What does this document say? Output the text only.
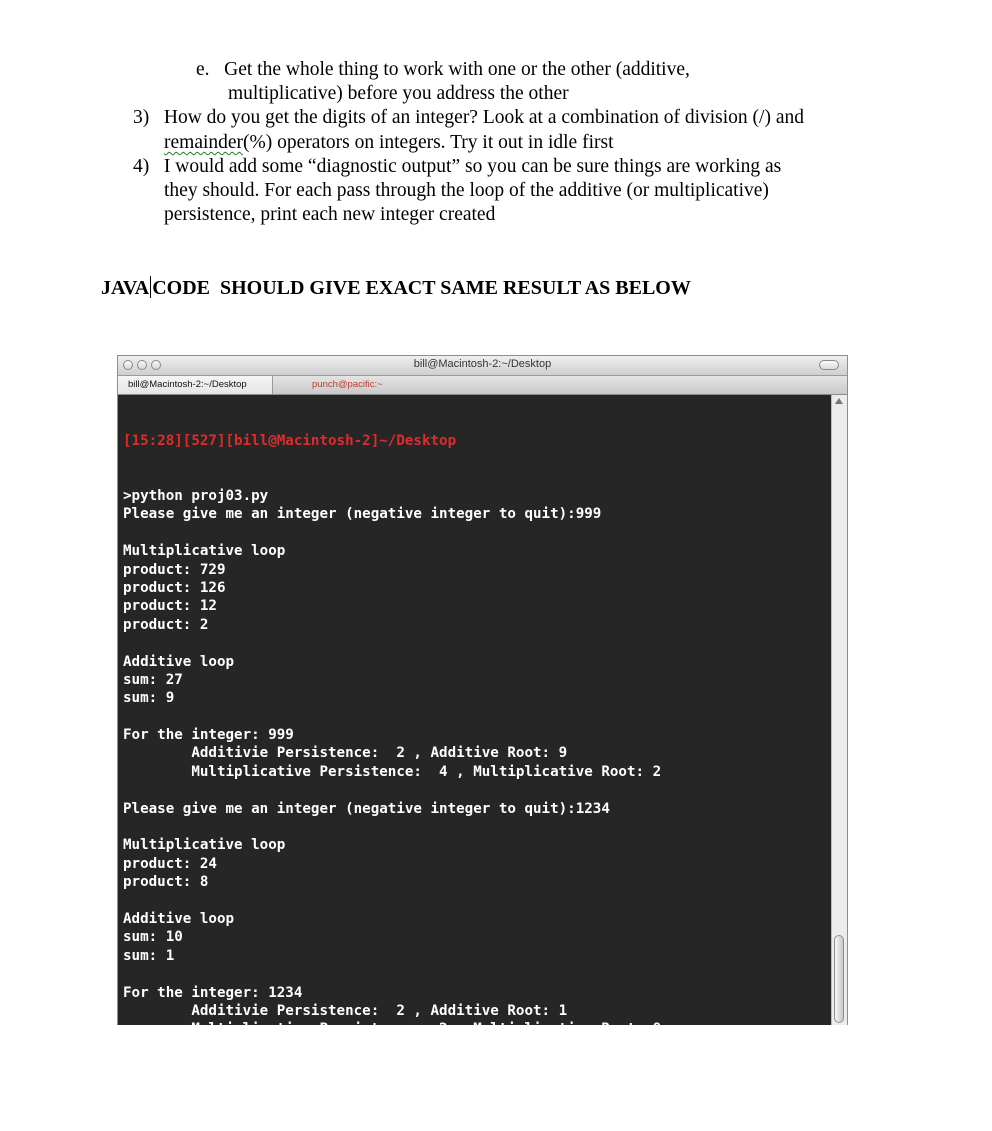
e.   Get the whole thing to work with one or the other (additive,
multiplicative) before you address the other
3)   How do you get the digits of an integer? Look at a combination of division (/) and
remainder(%) operators on integers. Try it out in idle first
4)   I would add some “diagnostic output” so you can be sure things are working as
they should. For each pass through the loop of the additive (or multiplicative)
persistence, print each new integer created
JAVA CODE  SHOULD GIVE EXACT SAME RESULT AS BELOW
bill@Macintosh-2:~/Desktop
bill@Macintosh-2:~/Desktop	punch@pacific:~

[15:28][527][bill@Macintosh-2]~/Desktop

>python proj03.py
Please give me an integer (negative integer to quit):999
Multiplicative loop
product: 729
product: 126
product: 12
product: 2
Additive loop
sum: 27
sum: 9
For the integer: 999
Additivie Persistence:  2 , Additive Root: 9
Multiplicative Persistence:  4 , Multiplicative Root: 2
Please give me an integer (negative integer to quit):1234
Multiplicative loop
product: 24
product: 8
Additive loop
sum: 10
sum: 1
For the integer: 1234
Additivie Persistence:  2 , Additive Root: 1
Multiplicative Persistence:  2 , Multiplicative Root: 8
Please give me an integer (negative integer to quit):-1
Thanks for playing
